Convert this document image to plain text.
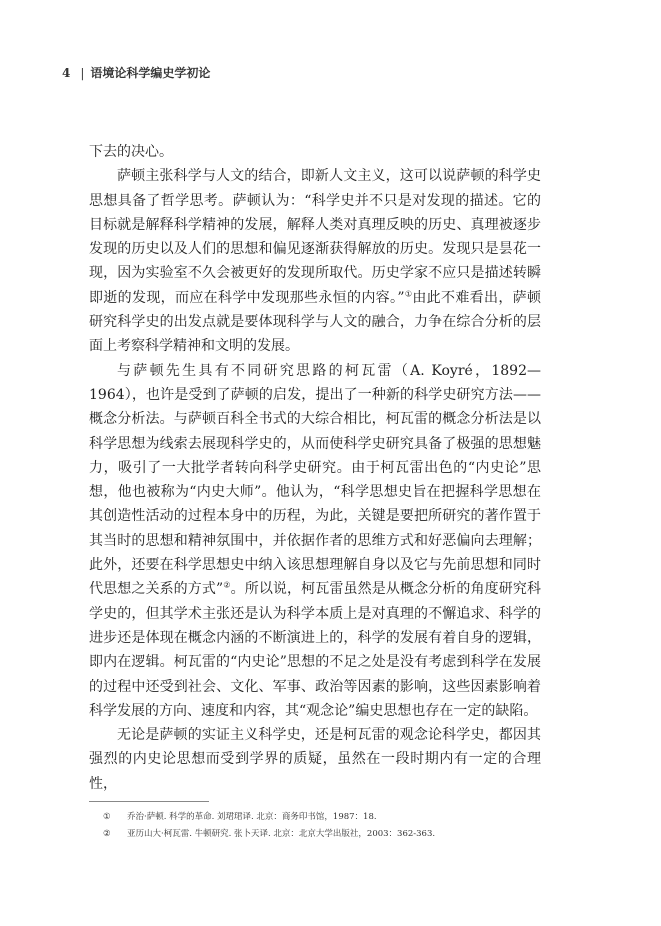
4 | 语境论科学编史学初论

下去的决心。

萨顿主张科学与人文的结合，即新人文主义，这可以说萨顿的科学史思想具备了哲学思考。萨顿认为：“科学史并不只是对发现的描述。它的目标就是解释科学精神的发展，解释人类对真理反映的历史、真理被逐步发现的历史以及人们的思想和偏见逐渐获得解放的历史。发现只是昙花一现，因为实验室不久会被更好的发现所取代。历史学家不应只是描述转瞬即逝的发现，而应在科学中发现那些永恒的内容。”①由此不难看出，萨顿研究科学史的出发点就是要体现科学与人文的融合，力争在综合分析的层面上考察科学精神和文明的发展。

与萨顿先生具有不同研究思路的柯瓦雷（A. Koyré，1892—1964），也许是受到了萨顿的启发，提出了一种新的科学史研究方法——概念分析法。与萨顿百科全书式的大综合相比，柯瓦雷的概念分析法是以科学思想为线索去展现科学史的，从而使科学史研究具备了极强的思想魅力，吸引了一大批学者转向科学史研究。由于柯瓦雷出色的“内史论”思想，他也被称为“内史大师”。他认为，“科学思想史旨在把握科学思想在其创造性活动的过程本身中的历程，为此，关键是要把所研究的著作置于其当时的思想和精神氛围中，并依据作者的思维方式和好恶偏向去理解；此外，还要在科学思想史中纳入该思想理解自身以及它与先前思想和同时代思想之关系的方式”②。所以说，柯瓦雷虽然是从概念分析的角度研究科学史的，但其学术主张还是认为科学本质上是对真理的不懈追求、科学的进步还是体现在概念内涵的不断演进上的，科学的发展有着自身的逻辑，即内在逻辑。柯瓦雷的“内史论”思想的不足之处是没有考虑到科学在发展的过程中还受到社会、文化、军事、政治等因素的影响，这些因素影响着科学发展的方向、速度和内容，其“观念论”编史思想也存在一定的缺陷。

无论是萨顿的实证主义科学史，还是柯瓦雷的观念论科学史，都因其强烈的内史论思想而受到学界的质疑，虽然在一段时期内有一定的合理性，

① 乔治·萨顿. 科学的革命. 刘珺珺译. 北京：商务印书馆，1987：18.
② 亚历山大·柯瓦雷. 牛顿研究. 张卜天译. 北京：北京大学出版社，2003：362-363.
